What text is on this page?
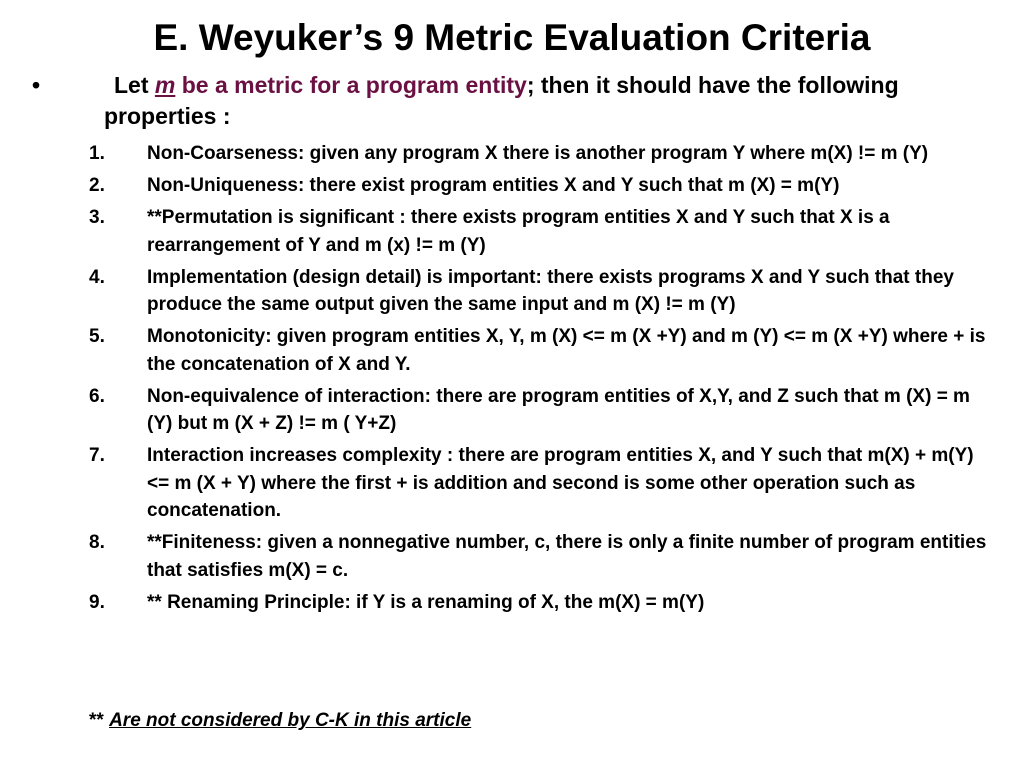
E. Weyuker’s 9 Metric Evaluation Criteria
•	Let m be a metric for a program entity; then it should have the following properties :
1. Non-Coarseness: given any program X there is another program Y where m(X) != m (Y)
2. Non-Uniqueness: there exist program entities X and Y such that m (X) = m(Y)
3. **Permutation is significant : there exists program entities X and Y such that X is a rearrangement of Y and m (x) != m (Y)
4. Implementation (design detail) is important: there exists programs X and Y such that they produce the same output given the same input and m (X) != m (Y)
5. Monotonicity: given program entities X, Y, m (X) <= m (X +Y) and m (Y) <= m (X +Y) where + is the concatenation of X and Y.
6. Non-equivalence of interaction: there are program entities of X,Y, and Z such that m (X) = m (Y) but m (X + Z) != m ( Y+Z)
7. Interaction increases complexity : there are program entities X, and Y such that m(X) + m(Y) <= m (X + Y) where the first + is addition and second is some other operation such as concatenation.
8. **Finiteness: given a nonnegative number, c, there is only a finite number of program entities that satisfies m(X) = c.
9. ** Renaming Principle: if Y is a renaming of X, the m(X) = m(Y)
** Are not considered by C-K in this article
